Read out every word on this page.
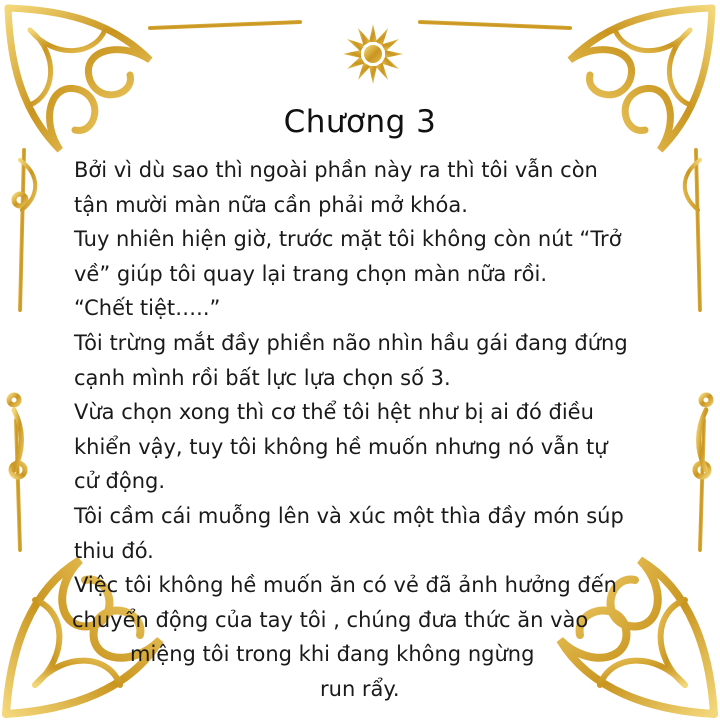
Chương 3
Bởi vì dù sao thì ngoài phần này ra thì tôi vẫn còn
tận mười màn nữa cần phải mở khóa.
Tuy nhiên hiện giờ, trước mặt tôi không còn nút “Trở
về” giúp tôi quay lại trang chọn màn nữa rồi.
“Chết tiệt…..”
Tôi trừng mắt đầy phiền não nhìn hầu gái đang đứng
cạnh mình rồi bất lực lựa chọn số 3.
Vừa chọn xong thì cơ thể tôi hệt như bị ai đó điều
khiển vậy, tuy tôi không hề muốn nhưng nó vẫn tự
cử động.
Tôi cầm cái muỗng lên và xúc một thìa đầy món súp
thiu đó.
Việc tôi không hề muốn ăn có vẻ đã ảnh hưởng đến
chuyển động của tay tôi , chúng đưa thức ăn vào
miệng tôi trong khi đang không ngừng
run rẩy.
